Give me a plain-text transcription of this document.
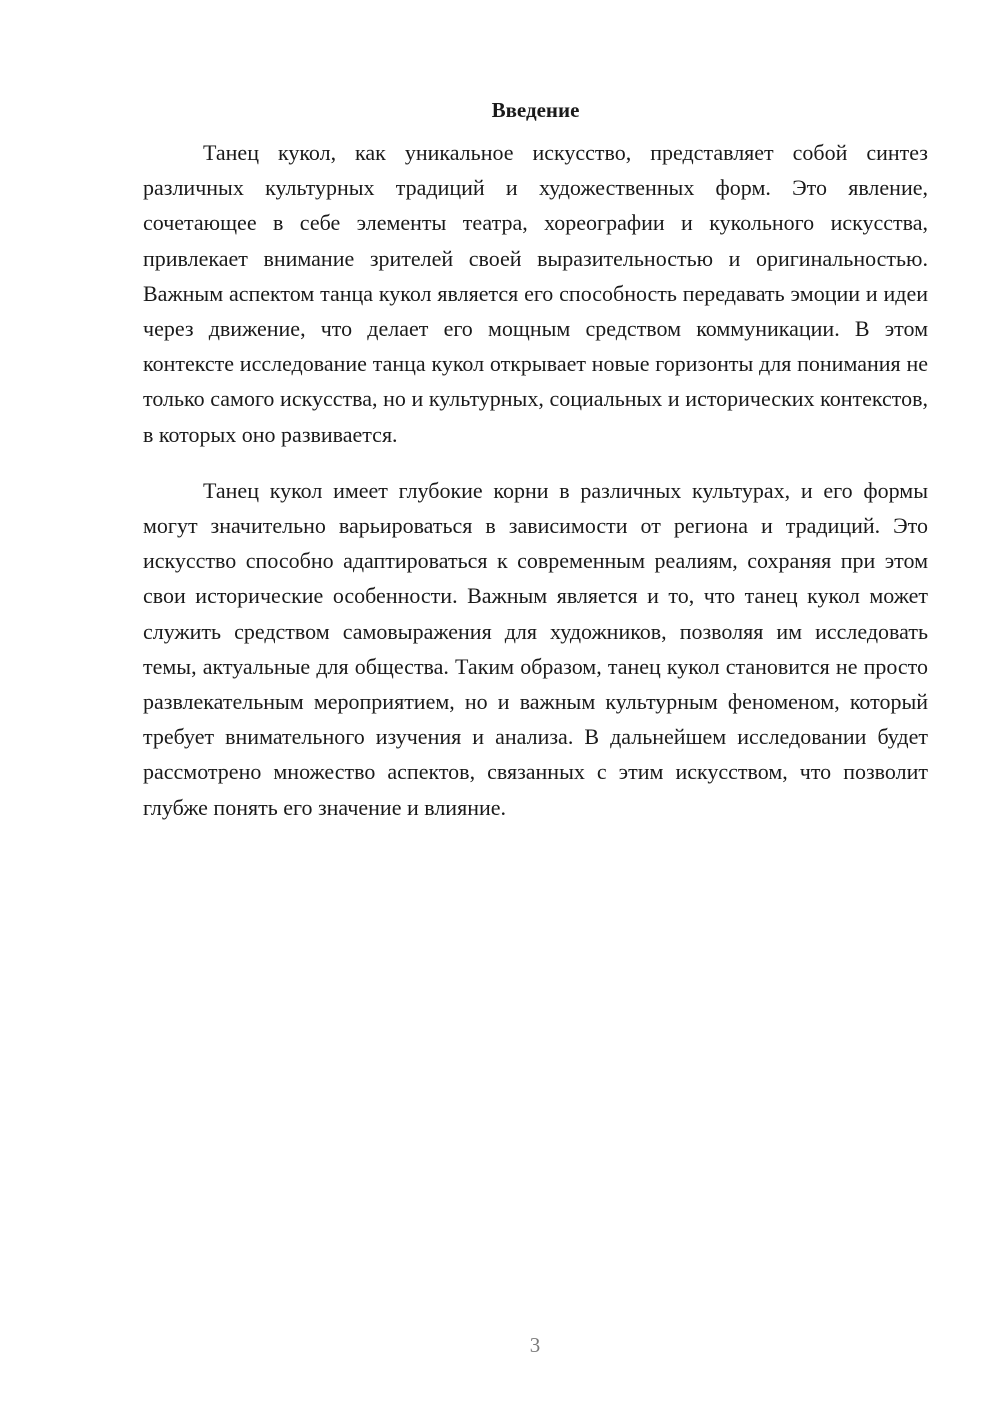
Введение

Танец кукол, как уникальное искусство, представляет собой синтез различных культурных традиций и художественных форм. Это явление, сочетающее в себе элементы театра, хореографии и кукольного искусства, привлекает внимание зрителей своей выразительностью и оригинальностью. Важным аспектом танца кукол является его способность передавать эмоции и идеи через движение, что делает его мощным средством коммуникации. В этом контексте исследование танца кукол открывает новые горизонты для понимания не только самого искусства, но и культурных, социальных и исторических контекстов, в которых оно развивается.

Танец кукол имеет глубокие корни в различных культурах, и его формы могут значительно варьироваться в зависимости от региона и традиций. Это искусство способно адаптироваться к современным реалиям, сохраняя при этом свои исторические особенности. Важным является и то, что танец кукол может служить средством самовыражения для художников, позволяя им исследовать темы, актуальные для общества. Таким образом, танец кукол становится не просто развлекательным мероприятием, но и важным культурным феноменом, который требует внимательного изучения и анализа. В дальнейшем исследовании будет рассмотрено множество аспектов, связанных с этим искусством, что позволит глубже понять его значение и влияние.

3
